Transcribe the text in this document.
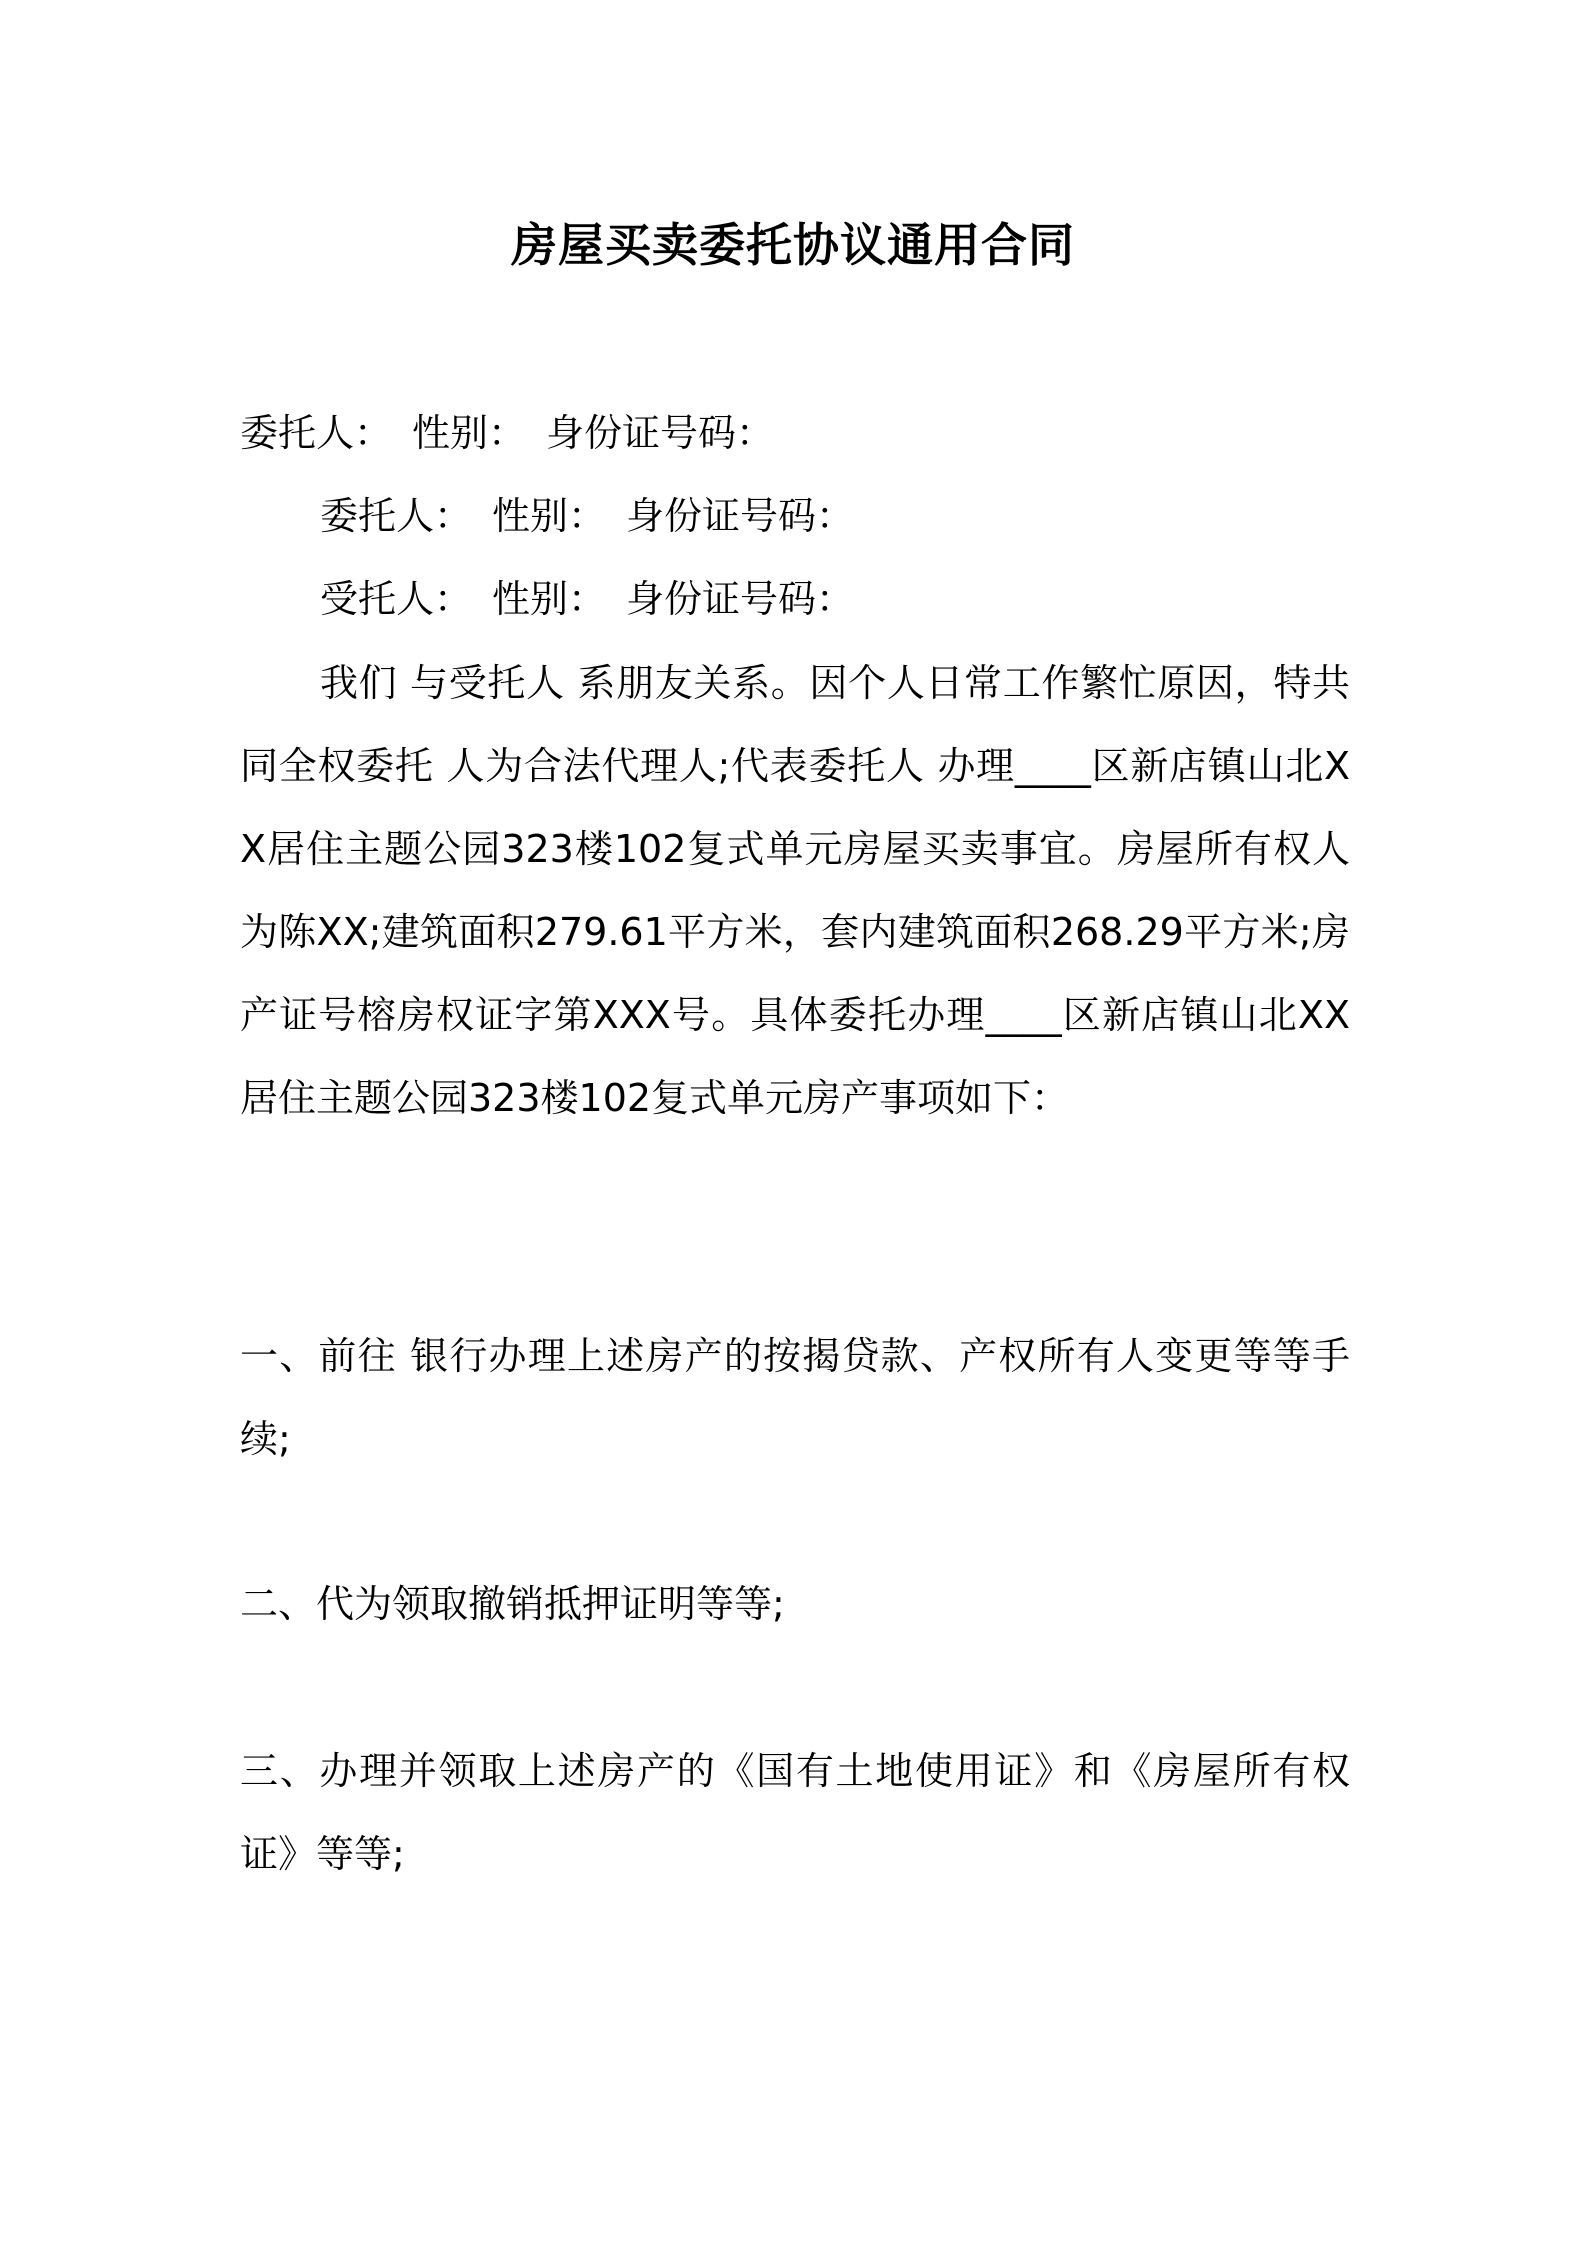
房屋买卖委托协议通用合同
委托人： 性别： 身份证号码：
委托人： 性别： 身份证号码：
受托人： 性别： 身份证号码：

我们 与受托人 系朋友关系。因个人日常工作繁忙原因，特共同全权委托 人为合法代理人;代表委托人 办理____区新店镇山北XX居住主题公园323楼102复式单元房屋买卖事宜。房屋所有权人为陈XX;建筑面积279.61平方米，套内建筑面积268.29平方米;房产证号榕房权证字第XXX号。具体委托办理____区新店镇山北XX居住主题公园323楼102复式单元房产事项如下：

一、前往 银行办理上述房产的按揭贷款、产权所有人变更等等手续;

二、代为领取撤销抵押证明等等;

三、办理并领取上述房产的《国有土地使用证》和《房屋所有权证》等等;
